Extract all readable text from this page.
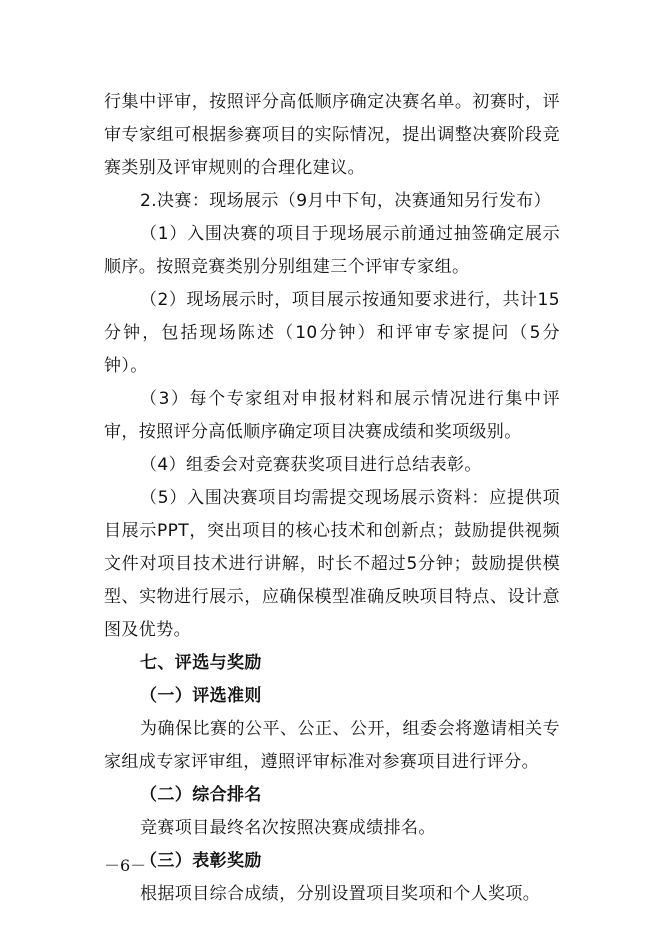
行集中评审，按照评分高低顺序确定决赛名单。初赛时，评审专家组可根据参赛项目的实际情况，提出调整决赛阶段竞赛类别及评审规则的合理化建议。

2.决赛：现场展示（9月中下旬，决赛通知另行发布）

（1）入围决赛的项目于现场展示前通过抽签确定展示顺序。按照竞赛类别分别组建三个评审专家组。

（2）现场展示时，项目展示按通知要求进行，共计15分钟，包括现场陈述（10分钟）和评审专家提问（5分钟）。

（3）每个专家组对申报材料和展示情况进行集中评审，按照评分高低顺序确定项目决赛成绩和奖项级别。

（4）组委会对竞赛获奖项目进行总结表彰。

（5）入围决赛项目均需提交现场展示资料：应提供项目展示PPT，突出项目的核心技术和创新点；鼓励提供视频文件对项目技术进行讲解，时长不超过5分钟；鼓励提供模型、实物进行展示，应确保模型准确反映项目特点、设计意图及优势。

七、评选与奖励

（一）评选准则

为确保比赛的公平、公正、公开，组委会将邀请相关专家组成专家评审组，遵照评审标准对参赛项目进行评分。

（二）综合排名

竞赛项目最终名次按照决赛成绩排名。

（三）表彰奖励

根据项目综合成绩，分别设置项目奖项和个人奖项。

－6－
